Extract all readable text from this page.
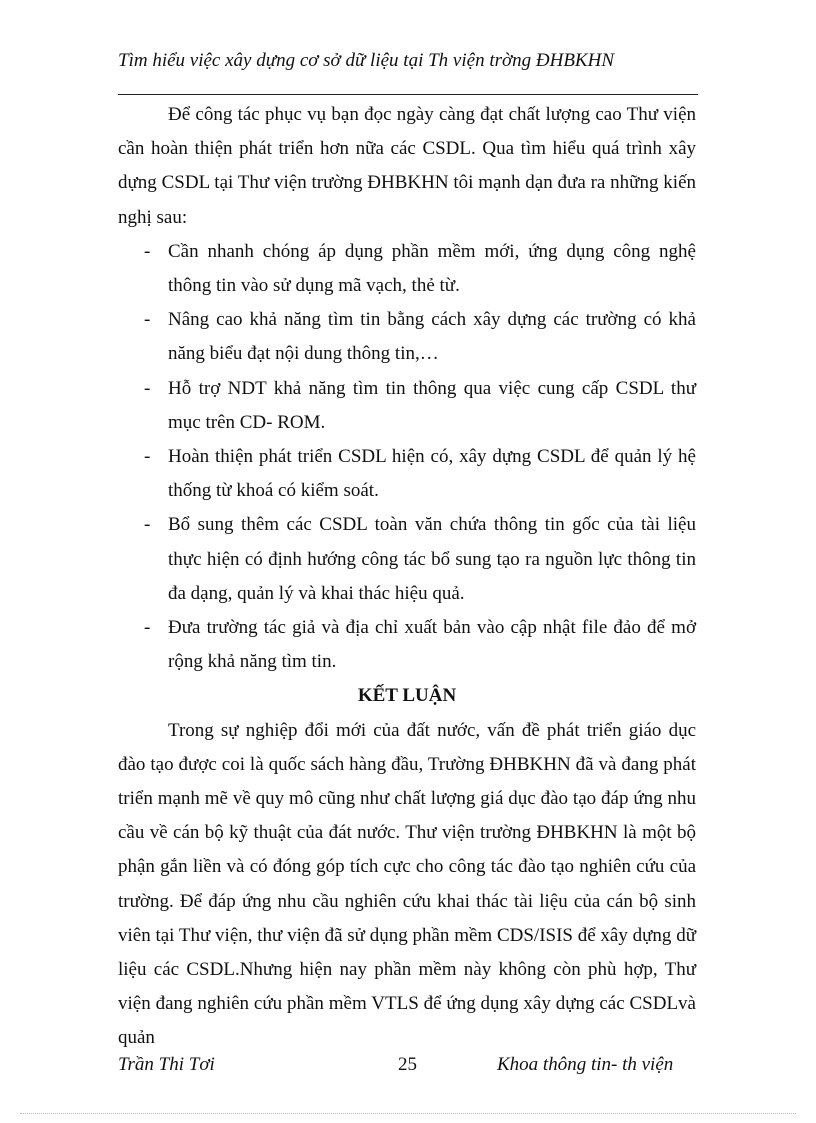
Tìm hiểu việc xây dựng cơ sở dữ liệu tại Th viện trờng ĐHBKHN

Để công tác phục vụ bạn đọc ngày càng đạt chất lượng cao Thư viện cần hoàn thiện phát triển hơn nữa các CSDL. Qua tìm hiểu quá trình xây dựng CSDL tại Thư viện trường ĐHBKHN tôi mạnh dạn đưa ra những kiến nghị sau:

- Cần nhanh chóng áp dụng phần mềm mới, ứng dụng công nghệ thông tin vào sử dụng mã vạch, thẻ từ.
- Nâng cao khả năng tìm tin bằng cách xây dựng các trường có khả năng biểu đạt nội dung thông tin,…
- Hỗ trợ NDT khả năng tìm tin thông qua việc cung cấp CSDL thư mục trên CD- ROM.
- Hoàn thiện phát triển CSDL hiện có, xây dựng CSDL để quản lý hệ thống từ khoá có kiểm soát.
- Bổ sung thêm các CSDL toàn văn chứa thông tin gốc của tài liệu thực hiện có định hướng công tác bổ sung tạo ra nguồn lực thông tin đa dạng, quản lý và khai thác hiệu quả.
- Đưa trường tác giả và địa chỉ xuất bản vào cập nhật file đảo để mở rộng khả năng tìm tin.

KẾT LUẬN

Trong sự nghiệp đổi mới của đất nước, vấn đề phát triển giáo dục đào tạo được coi là quốc sách hàng đầu, Trường ĐHBKHN đã và đang phát triển mạnh mẽ về quy mô cũng như chất lượng giá dục đào tạo đáp ứng nhu cầu về cán bộ kỹ thuật của đát nước. Thư viện trường ĐHBKHN là một bộ phận gắn liền và có đóng góp tích cực cho công tác đào tạo nghiên cứu của trường. Để đáp ứng nhu cầu nghiên cứu khai thác tài liệu của cán bộ sinh viên tại Thư viện, thư viện đã sử dụng phần mềm CDS/ISIS để xây dựng dữ liệu các CSDL.Nhưng hiện nay phần mềm này không còn phù hợp, Thư viện đang nghiên cứu phần mềm VTLS để ứng dụng xây dựng các CSDLvà quản

Trần Thi Tơi	25	Khoa thông tin- th viện
